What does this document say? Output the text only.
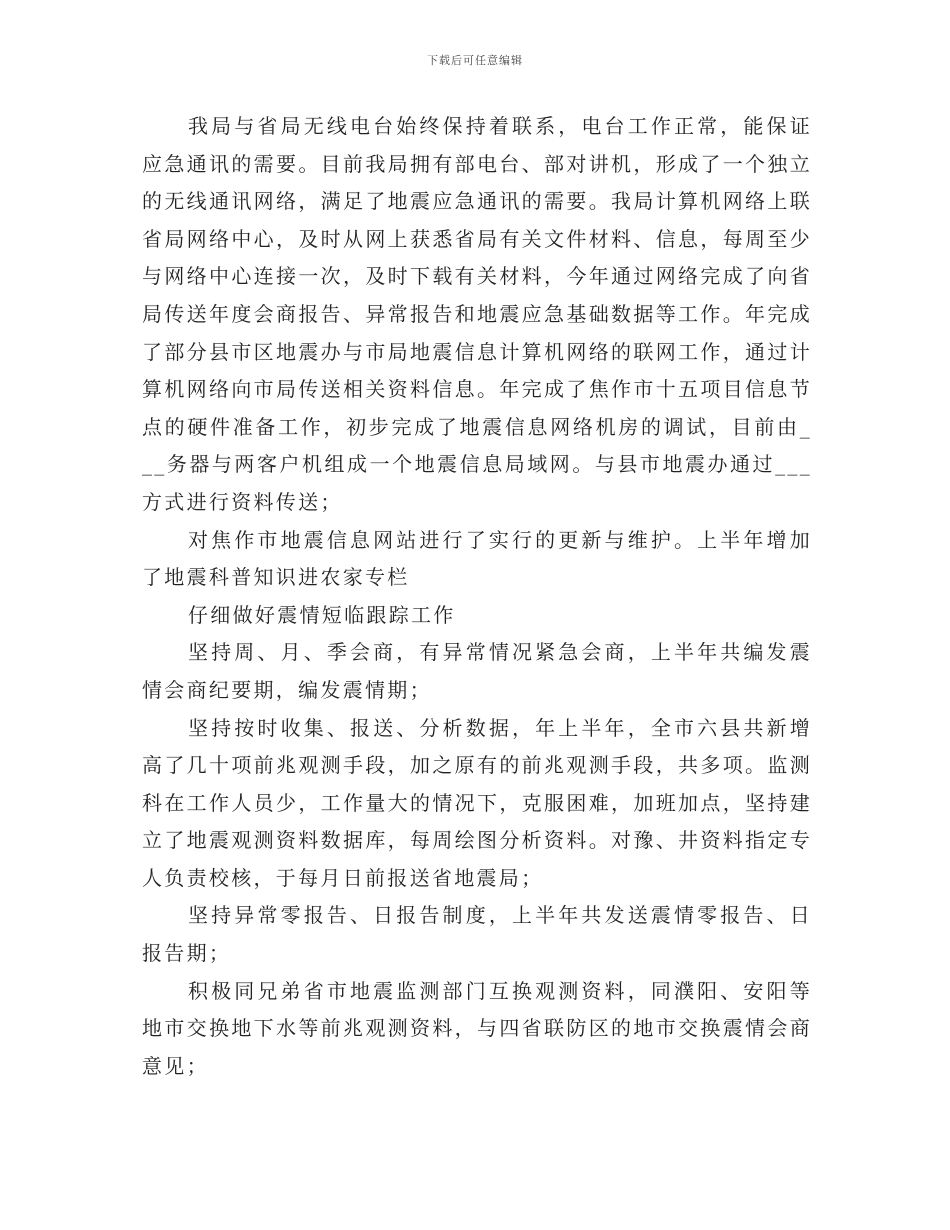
下载后可任意编辑

我局与省局无线电台始终保持着联系，电台工作正常，能保证应急通讯的需要。目前我局拥有部电台、部对讲机，形成了一个独立的无线通讯网络，满足了地震应急通讯的需要。我局计算机网络上联省局网络中心，及时从网上获悉省局有关文件材料、信息，每周至少与网络中心连接一次，及时下载有关材料，今年通过网络完成了向省局传送年度会商报告、异常报告和地震应急基础数据等工作。年完成了部分县市区地震办与市局地震信息计算机网络的联网工作，通过计算机网络向市局传送相关资料信息。年完成了焦作市十五项目信息节点的硬件准备工作，初步完成了地震信息网络机房的调试，目前由___务器与两客户机组成一个地震信息局域网。与县市地震办通过___方式进行资料传送；

对焦作市地震信息网站进行了实行的更新与维护。上半年增加了地震科普知识进农家专栏

仔细做好震情短临跟踪工作

坚持周、月、季会商，有异常情况紧急会商，上半年共编发震情会商纪要期，编发震情期；

坚持按时收集、报送、分析数据，年上半年，全市六县共新增高了几十项前兆观测手段，加之原有的前兆观测手段，共多项。监测科在工作人员少，工作量大的情况下，克服困难，加班加点，坚持建立了地震观测资料数据库，每周绘图分析资料。对豫、井资料指定专人负责校核，于每月日前报送省地震局；

坚持异常零报告、日报告制度，上半年共发送震情零报告、日报告期；

积极同兄弟省市地震监测部门互换观测资料，同濮阳、安阳等地市交换地下水等前兆观测资料，与四省联防区的地市交换震情会商意见；
